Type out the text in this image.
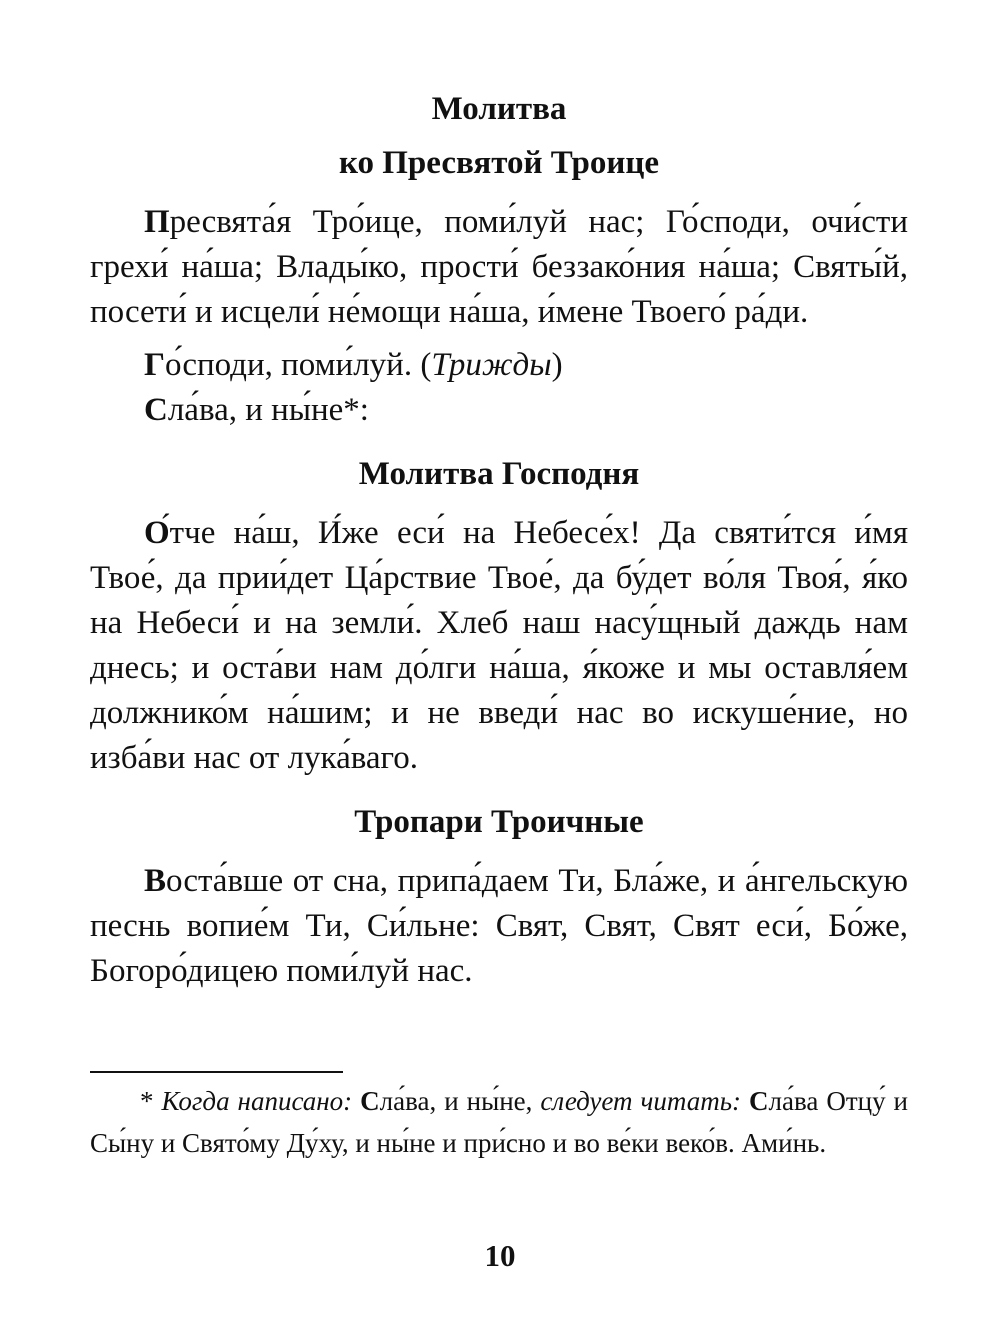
Молитва
ко Пресвятой Троице

Пресвята́я Тро́ице, поми́луй нас; Го́споди, очи́сти грехи́ на́ша; Влады́ко, прости́ беззако́ния на́ша; Святы́й, посети́ и исцели́ не́мощи на́ша, и́мене Твоего́ ра́ди.

Го́споди, поми́луй. (Трижды)

Сла́ва, и ны́не*:

Молитва Господня

О́тче на́ш, И́же еси́ на Небесе́х! Да святи́тся и́мя Твое́, да прии́дет Ца́рствие Твое́, да бу́дет во́ля Твоя́, я́ко на Небеси́ и на земли́. Хлеб наш насу́щный даждь нам днесь; и оста́ви нам до́лги на́ша, я́коже и мы оставля́ем должнико́м на́шим; и не введи́ нас во искуше́ние, но изба́ви нас от лука́ваго.

Тропари Троичные

Воста́вше от сна, припа́даем Ти, Бла́же, и а́нгельскую песнь вопие́м Ти, Си́льне: Свят, Свят, Свят еси́, Бо́же, Богоро́дицею поми́луй нас.

* Когда написано: Сла́ва, и ны́не, следует читать: Сла́ва Отцу́ и Сы́ну и Свято́му Ду́ху, и ны́не и при́сно и во ве́ки веко́в. Ами́нь.
10
